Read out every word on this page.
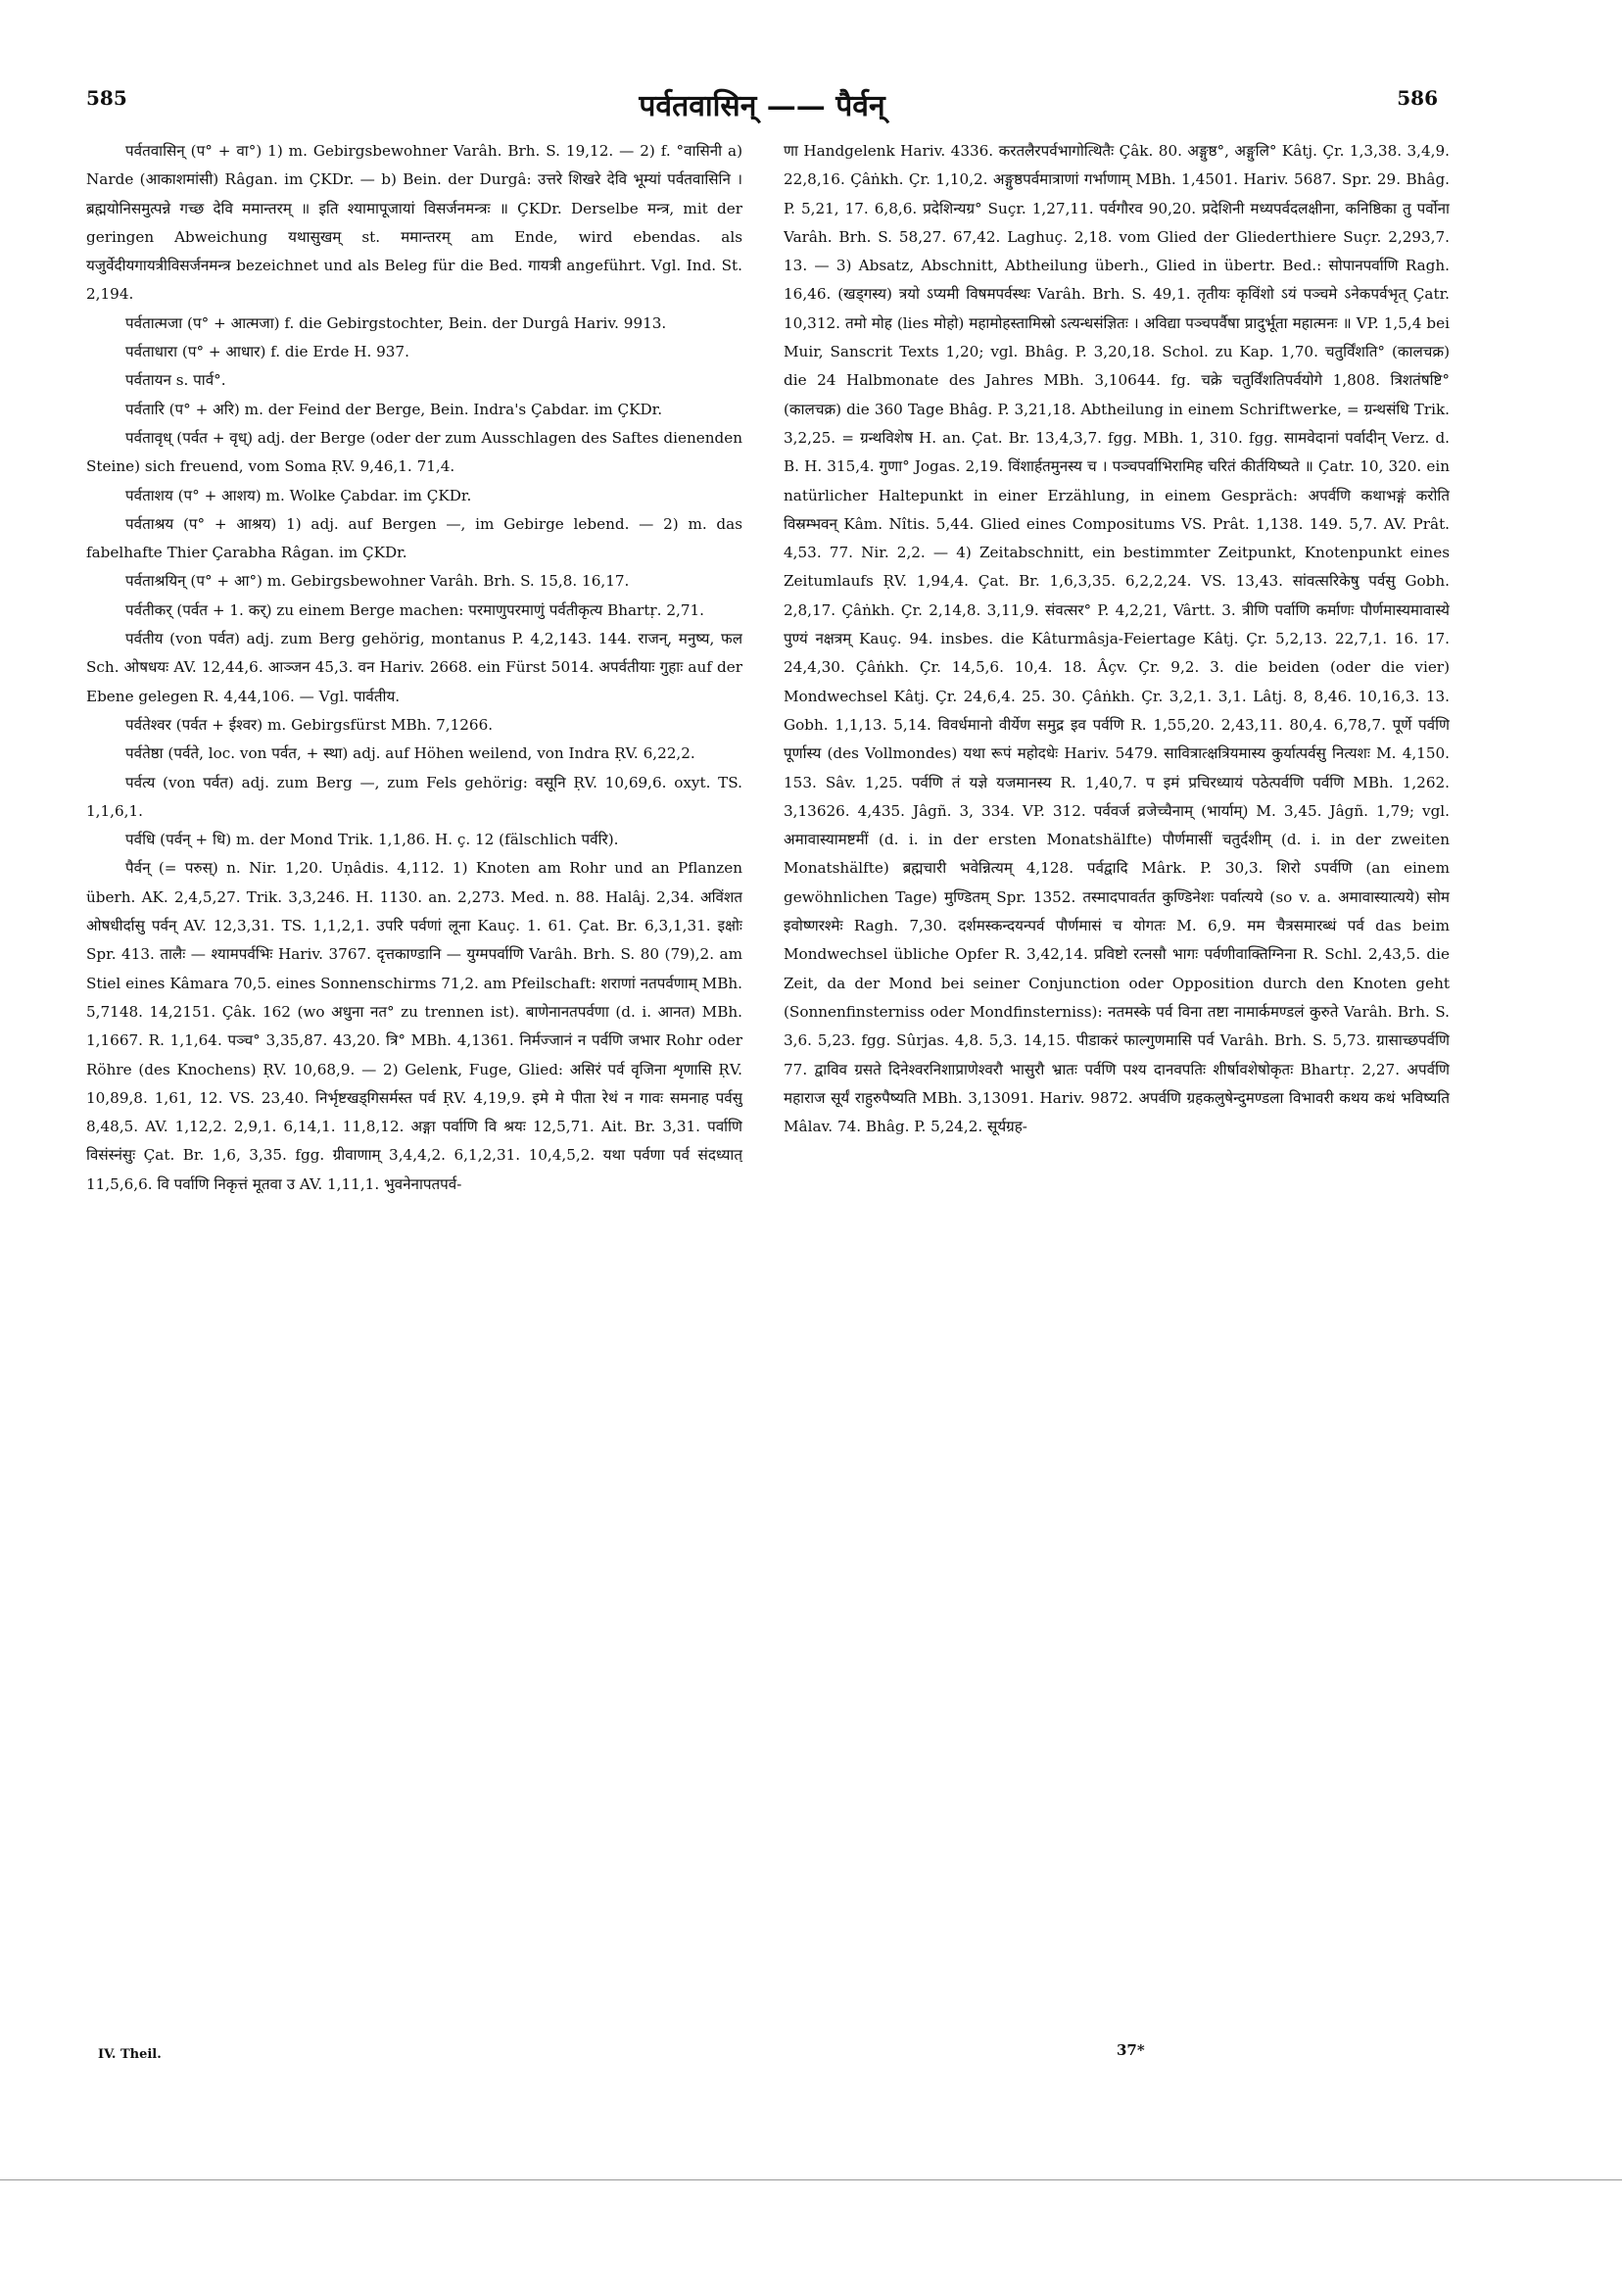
585	पर्वतवासिन् —— पैर्वन्	586

पर्वतवासिन् (प° + वा°) 1) m. Gebirgsbewohner Varâh. Brh. S. 19,12. — 2) f. °वासिनी a) Narde (आकाशमांसी) Râgan. im ÇKDr. — b) Bein. der Durgâ: उत्तरे शिखरे देवि भूम्यां पर्वतवासिनि । ब्रह्मयोनिसमुत्पन्ने गच्छ देवि ममान्तरम् ॥ इति श्यामापूजायां विसर्जनमन्त्रः ॥ ÇKDr. Derselbe मन्त्र, mit der geringen Abweichung यथासुखम् st. ममान्तरम् am Ende, wird ebendas. als यजुर्वेदीयगायत्रीविसर्जनमन्त्र bezeichnet und als Beleg für die Bed. गायत्री angeführt. Vgl. Ind. St. 2,194.

पर्वतात्मजा (प° + आत्मजा) f. die Gebirgstochter, Bein. der Durgâ Hariv. 9913.

पर्वताधारा (प° + आधार) f. die Erde H. 937.

पर्वतायन s. पार्व°.

पर्वतारि (प° + अरि) m. der Feind der Berge, Bein. Indra's Çabdar. im ÇKDr.

पर्वतावृध् (पर्वत + वृध्) adj. der Berge (oder der zum Ausschlagen des Saftes dienenden Steine) sich freuend, vom Soma ṚV. 9,46,1. 71,4.

पर्वताशय (प° + आशय) m. Wolke Çabdar. im ÇKDr.

पर्वताश्रय (प° + आश्रय) 1) adj. auf Bergen —, im Gebirge lebend. — 2) m. das fabelhafte Thier Çarabha Râgan. im ÇKDr.

पर्वताश्रयिन् (प° + आ°) m. Gebirgsbewohner Varâh. Brh. S. 15,8. 16,17.

पर्वतीकर् (पर्वत + 1. कर्) zu einem Berge machen: परमाणुपरमाणुं पर्वतीकृत्य Bhartṛ. 2,71.

पर्वतीय (von पर्वत) adj. zum Berg gehörig, montanus P. 4,2,143. 144. राजन्, मनुष्य, फल Sch. ओषधयः AV. 12,44,6. आञ्जन 45,3. वन Hariv. 2668. ein Fürst 5014. अपर्वतीयाः गुहाः auf der Ebene gelegen R. 4,44,106. — Vgl. पार्वतीय.

पर्वतेश्वर (पर्वत + ईश्वर) m. Gebirgsfürst MBh. 7,1266.

पर्वतेष्ठा (पर्वते, loc. von पर्वत, + स्था) adj. auf Höhen weilend, von Indra ṚV. 6,22,2.

पर्वत्य (von पर्वत) adj. zum Berg —, zum Fels gehörig: वसूनि ṚV. 10,69,6. oxyt. TS. 1,1,6,1.

पर्वधि (पर्वन् + धि) m. der Mond Trik. 1,1,86. H. ç. 12 (fälschlich पर्वरि).

पैर्वन् (= परुस्) n. Nir. 1,20. Uṇâdis. 4,112. 1) Knoten am Rohr und an Pflanzen überh. AK. 2,4,5,27. Trik. 3,3,246. H. 1130. an. 2,273. Med. n. 88. Halâj. 2,34. अविंशत ओषधीर्दासु पर्वन् AV. 12,3,31. TS. 1,1,2,1. उपरि पर्वणां लूना Kauç. 1. 61. Çat. Br. 6,3,1,31. इक्षोः Spr. 413. तालैः — श्यामपर्वभिः Hariv. 3767. दृत्तकाण्डानि — युग्मपर्वाणि Varâh. Brh. S. 80 (79),2. am Stiel eines Kâmara 70,5. eines Sonnenschirms 71,2. am Pfeilschaft: शराणां नतपर्वणाम् MBh. 5,7148. 14,2151. Çâk. 162 (wo अधुना नत° zu trennen ist). बाणेनानतपर्वणा (d. i. आनत) MBh. 1,1667. R. 1,1,64. पञ्च° 3,35,87. 43,20. त्रि° MBh. 4,1361. निर्मज्जानं न पर्वणि जभार Rohr oder Röhre (des Knochens) ṚV. 10,68,9. — 2) Gelenk, Fuge, Glied: असिरं पर्व वृजिना शृणासि ṚV. 10,89,8. 1,61, 12. VS. 23,40. निर्भृष्टखड्गिसर्मस्त पर्व ṚV. 4,19,9. इमे मे पीता रेथं न गावः समनाह पर्वसु 8,48,5. AV. 1,12,2. 2,9,1. 6,14,1. 11,8,12. अङ्गा पर्वाणि वि श्रयः 12,5,71. Ait. Br. 3,31. पर्वाणि विसंस्नंसुः Çat. Br. 1,6, 3,35. fgg. ग्रीवाणाम् 3,4,4,2. 6,1,2,31. 10,4,5,2. यथा पर्वणा पर्व संदध्यात् 11,5,6,6. वि पर्वाणि निकृत्तं मूतवा उ AV. 1,11,1. भुवनेनापतपर्व-

णा Handgelenk Hariv. 4336. करतलैरपर्वभागोत्थितैः Çâk. 80. अङ्गुष्ठ°, अङ्गुलि° Kâtj. Çr. 1,3,38. 3,4,9. 22,8,16. Çâṅkh. Çr. 1,10,2. अङ्गुष्ठपर्वमात्राणां गर्भाणाम् MBh. 1,4501. Hariv. 5687. Spr. 29. Bhâg. P. 5,21, 17. 6,8,6. प्रदेशिन्यग्र° Suçr. 1,27,11. पर्वगौरव 90,20. प्रदेशिनी मध्यपर्वदलक्षीना, कनिष्ठिका तु पर्वोना Varâh. Brh. S. 58,27. 67,42. Laghuç. 2,18. vom Glied der Gliederthiere Suçr. 2,293,7. 13. — 3) Absatz, Abschnitt, Abtheilung überh., Glied in übertr. Bed.: सोपानपर्वाणि Ragh. 16,46. (खड्गस्य) त्रयो ऽप्यमी विषमपर्वस्थः Varâh. Brh. S. 49,1. तृतीयः कृविंशो ऽयं पञ्चमे ऽनेकपर्वभृत् Çatr. 10,312. तमो मोह (lies मोहो) महामोहस्तामिस्रो ऽत्यन्धसंज्ञितः । अविद्या पञ्चपर्वैषा प्रादुर्भूता महात्मनः ॥ VP. 1,5,4 bei Muir, Sanscrit Texts 1,20; vgl. Bhâg. P. 3,20,18. Schol. zu Kap. 1,70. चतुर्विंशति° (कालचक्र) die 24 Halbmonate des Jahres MBh. 3,10644. fg. चक्रे चतुर्विंशतिपर्वयोगे 1,808. त्रिशतंषष्टि° (कालचक्र) die 360 Tage Bhâg. P. 3,21,18. Abtheilung in einem Schriftwerke, = ग्रन्थसंधि Trik. 3,2,25. = ग्रन्थविशेष H. an. Çat. Br. 13,4,3,7. fgg. MBh. 1, 310. fgg. सामवेदानां पर्वादीन् Verz. d. B. H. 315,4. गुणा° Jogas. 2,19. विंशार्हतमुनस्य च । पञ्चपर्वाभिरामिह चरितं कीर्तयिष्यते ॥ Çatr. 10, 320. ein natürlicher Haltepunkt in einer Erzählung, in einem Gespräch: अपर्वणि कथाभङ्गं करोति विस्रम्भवन् Kâm. Nîtis. 5,44. Glied eines Compositums VS. Prât. 1,138. 149. 5,7. AV. Prât. 4,53. 77. Nir. 2,2. — 4) Zeitabschnitt, ein bestimmter Zeitpunkt, Knotenpunkt eines Zeitumlaufs ṚV. 1,94,4. Çat. Br. 1,6,3,35. 6,2,2,24. VS. 13,43. सांवत्सरिकेषु पर्वसु Gobh. 2,8,17. Çâṅkh. Çr. 2,14,8. 3,11,9. संवत्सर° P. 4,2,21, Vârtt. 3. त्रीणि पर्वाणि कर्माणः पौर्णमास्यमावास्ये पुण्यं नक्षत्रम् Kauç. 94. insbes. die Kâturmâsja-Feiertage Kâtj. Çr. 5,2,13. 22,7,1. 16. 17. 24,4,30. Çâṅkh. Çr. 14,5,6. 10,4. 18. Âçv. Çr. 9,2. 3. die beiden (oder die vier) Mondwechsel Kâtj. Çr. 24,6,4. 25. 30. Çâṅkh. Çr. 3,2,1. 3,1. Lâtj. 8, 8,46. 10,16,3. 13. Gobh. 1,1,13. 5,14. विवर्धमानो वीर्येण समुद्र इव पर्वणि R. 1,55,20. 2,43,11. 80,4. 6,78,7. पूर्णे पर्वणि पूर्णास्य (des Vollmondes) यथा रूपं महोदधेः Hariv. 5479. सावित्रात्क्षत्रियमास्य कुर्यात्पर्वसु नित्यशः M. 4,150. 153. Sâv. 1,25. पर्वणि तं यज्ञे यजमानस्य R. 1,40,7. प इमं प्रचिरध्यायं पठेत्पर्वणि पर्वणि MBh. 1,262. 3,13626. 4,435. Jâgñ. 3, 334. VP. 312. पर्ववर्ज व्रजेच्चैनाम् (भार्याम्) M. 3,45. Jâgñ. 1,79; vgl. अमावास्यामष्टमीं (d. i. in der ersten Monatshälfte) पौर्णमासीं चतुर्दशीम् (d. i. in der zweiten Monatshälfte) ब्रह्मचारी भवेन्नित्यम् 4,128. पर्वद्वादि Mârk. P. 30,3. शिरो ऽपर्वणि (an einem gewöhnlichen Tage) मुण्डितम् Spr. 1352. तस्मादपावर्तत कुण्डिनेशः पर्वात्यये (so v. a. अमावास्यात्यये) सोम इवोष्णरश्मेः Ragh. 7,30. दर्शमस्कन्दयन्पर्व पौर्णमासं च योगतः M. 6,9. मम चैत्रसमारब्धं पर्व das beim Mondwechsel übliche Opfer R. 3,42,14. प्रविष्टो रत्नसौ भागः पर्वणीवाक्तिग्निना R. Schl. 2,43,5. die Zeit, da der Mond bei seiner Conjunction oder Opposition durch den Knoten geht (Sonnenfinsterniss oder Mondfinsterniss): नतमस्के पर्व विना तष्टा नामार्कमण्डलं कुरुते Varâh. Brh. S. 3,6. 5,23. fgg. Sûrjas. 4,8. 5,3. 14,15. पीडाकरं फाल्गुणमासि पर्व Varâh. Brh. S. 5,73. ग्रासाच्छपर्वणि 77. द्वाविव ग्रसते दिनेश्वरनिशाप्राणेश्वरौ भासुरौ भ्रातः पर्वणि पश्य दानवपतिः शीर्षावशेषोकृतः Bhartṛ. 2,27. अपर्वणि महाराज सूर्यं राहुरुपैष्यति MBh. 3,13091. Hariv. 9872. अपर्वणि ग्रहकलुषेन्दुमण्डला विभावरी कथय कथं भविष्यति Mâlav. 74. Bhâg. P. 5,24,2. सूर्यग्रह-

IV. Theil.	37*
